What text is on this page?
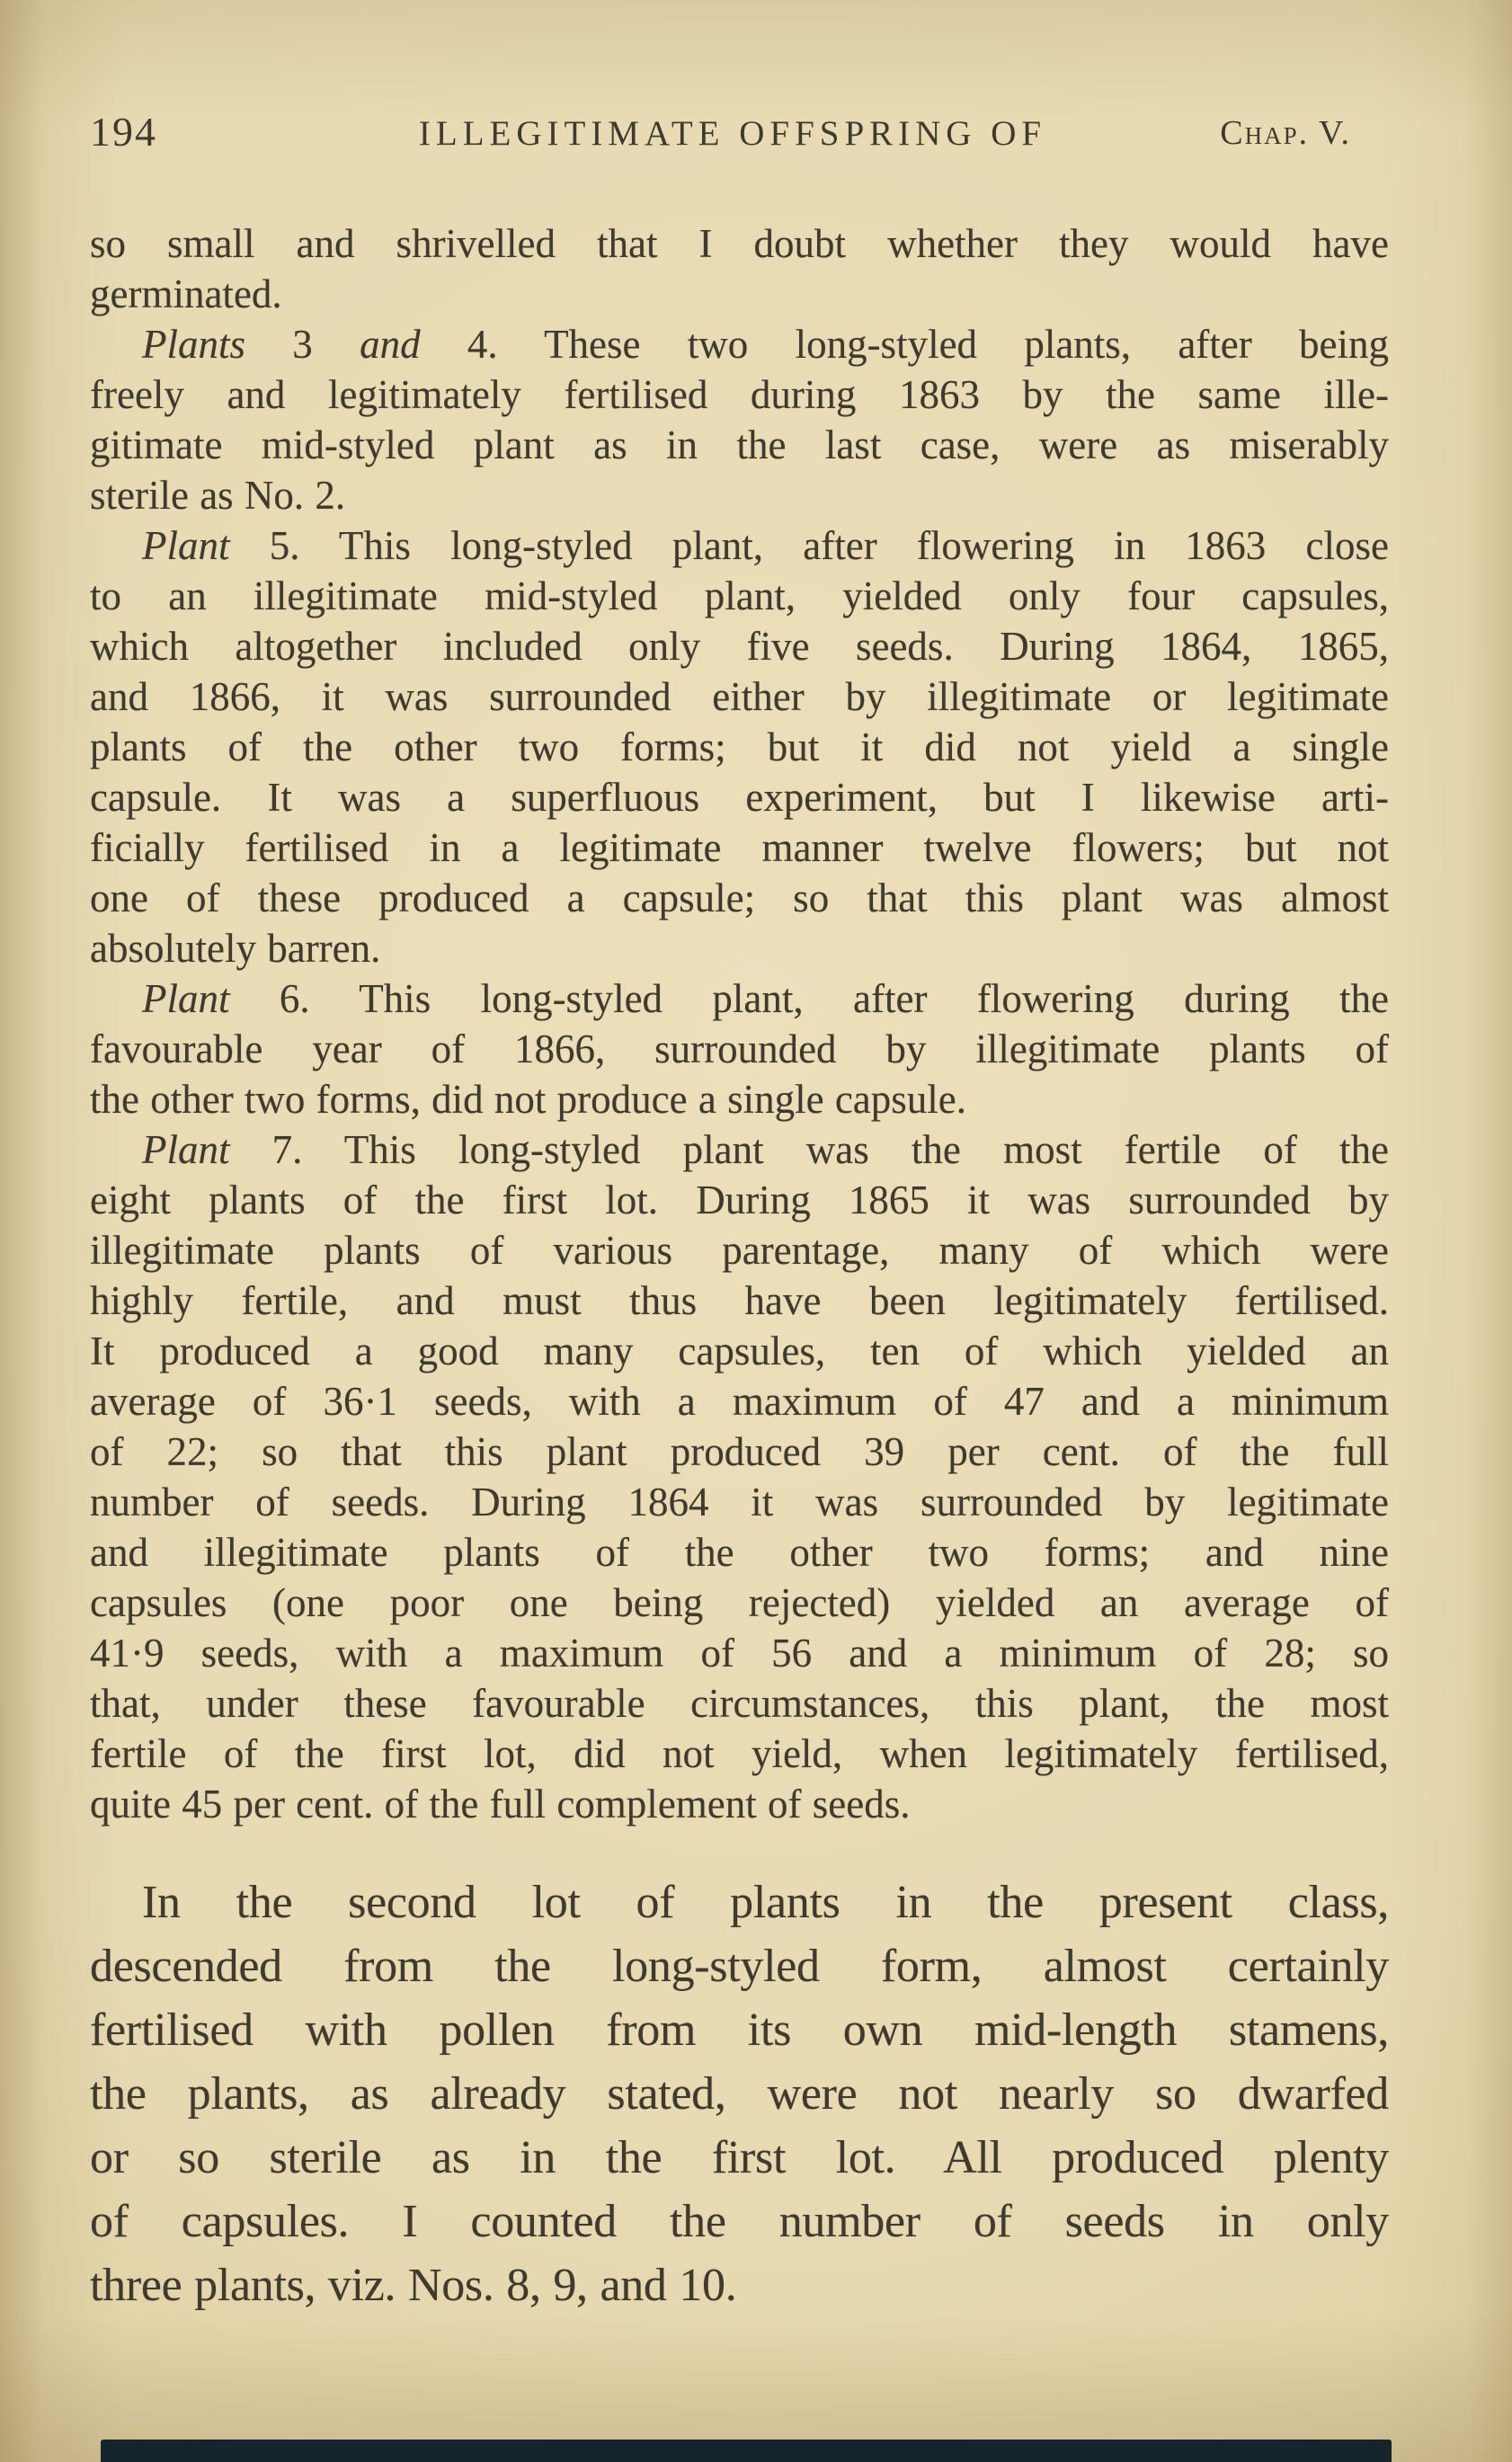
194	ILLEGITIMATE OFFSPRING OF	Chap. V.
so small and shrivelled that I doubt whether they would have
germinated.
Plants 3 and 4. These two long-styled plants, after being
freely and legitimately fertilised during 1863 by the same ille-
gitimate mid-styled plant as in the last case, were as miserably
sterile as No. 2.
Plant 5. This long-styled plant, after flowering in 1863 close
to an illegitimate mid-styled plant, yielded only four capsules,
which altogether included only five seeds. During 1864, 1865,
and 1866, it was surrounded either by illegitimate or legitimate
plants of the other two forms; but it did not yield a single
capsule. It was a superfluous experiment, but I likewise arti-
ficially fertilised in a legitimate manner twelve flowers; but not
one of these produced a capsule; so that this plant was almost
absolutely barren.
Plant 6. This long-styled plant, after flowering during the
favourable year of 1866, surrounded by illegitimate plants of
the other two forms, did not produce a single capsule.
Plant 7. This long-styled plant was the most fertile of the
eight plants of the first lot. During 1865 it was surrounded by
illegitimate plants of various parentage, many of which were
highly fertile, and must thus have been legitimately fertilised.
It produced a good many capsules, ten of which yielded an
average of 36·1 seeds, with a maximum of 47 and a minimum
of 22; so that this plant produced 39 per cent. of the full
number of seeds. During 1864 it was surrounded by legitimate
and illegitimate plants of the other two forms; and nine
capsules (one poor one being rejected) yielded an average of
41·9 seeds, with a maximum of 56 and a minimum of 28; so
that, under these favourable circumstances, this plant, the most
fertile of the first lot, did not yield, when legitimately fertilised,
quite 45 per cent. of the full complement of seeds.
In the second lot of plants in the present class,
descended from the long-styled form, almost certainly
fertilised with pollen from its own mid-length stamens,
the plants, as already stated, were not nearly so dwarfed
or so sterile as in the first lot. All produced plenty
of capsules. I counted the number of seeds in only
three plants, viz. Nos. 8, 9, and 10.
